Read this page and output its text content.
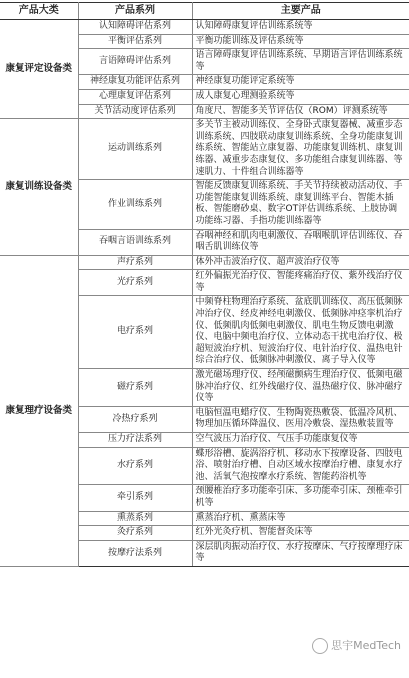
产品大类	产品系列	主要产品
康复评定设备类	认知障碍评估系列	认知障碍康复评估训练系统等
	平衡评估系列	平衡功能训练及评估系统等
	言语障碍评估系列	语言障碍康复评估训练系统、早期语言评估训练系统等
	神经康复功能评估系列	神经康复功能评定系统等
	心理康复评估系列	成人康复心理测验系统等
	关节活动度评估系列	角度尺、智能多关节评估仪（ROM）评测系统等
康复训练设备类	运动训练系列	多关节主被动训练仪、全身卧式康复器械、减重步态训练系统、四肢联动康复训练系统、全身功能康复训练系统、智能站立康复器、功能康复训练机、康复训练器、减重步态康复仪、多功能组合康复训练器、等速肌力、十件组合训练器等
	作业训练系列	智能反馈康复训练系统、手关节持续被动活动仪、手功能智能康复训练系统、康复训练平台、智能木插板、智能磨砂桌、数字OT评估训练系统、上肢协调功能练习器、手指功能训练器等
	吞咽言语训练系列	吞咽神经和肌肉电刺激仪、吞咽喉肌评估训练仪、吞咽舌肌训练仪等
康复理疗设备类	声疗系列	体外冲击波治疗仪、超声波治疗仪等
	光疗系列	红外偏振光治疗仪、智能疼痛治疗仪、紫外线治疗仪等
	电疗系列	中频脊柱物理治疗系统、盆底肌训练仪、高压低频脉冲治疗仪、经皮神经电刺激仪、低频脉冲痉挛机治疗仪、低频肌肉低频电刺激仪、肌电生物反馈电刺激仪、电脑中频电治疗仪、立体动态干扰电治疗仪、极超短波治疗机、短波治疗仪、电针治疗仪、温热电针综合治疗仪、低频脉冲刺激仪、离子导入仪等
	磁疗系列	激光磁场理疗仪、经颅磁颤病生理治疗仪、低频电磁脉冲治疗仪、红外线磁疗仪、温热磁疗仪、脉冲磁疗仪等
	冷热疗系列	电脑恒温电蜡疗仪、生物陶瓷热敷袋、低温冷风机、物理加压循环降温仪、医用冷敷袋、湿热敷装置等
	压力疗法系列	空气波压力治疗仪、气压手功能康复仪等
	水疗系列	蝶形浴槽、旋涡浴疗机、移动水下按摩设备、四肢电浴、喷射治疗槽、自动区域水按摩治疗槽、康复水疗池、活氧气泡按摩水疗系统、智能药浴机等
	牵引系列	颈腰椎治疗多功能牵引床、多功能牵引床、颈椎牵引机等
	熏蒸系列	熏蒸治疗机、熏蒸床等
	灸疗系列	红外光灸疗机、智能督灸床等
	按摩疗法系列	深层肌肉振动治疗仪、水疗按摩床、气疗按摩理疗床等
思宇MedTech
